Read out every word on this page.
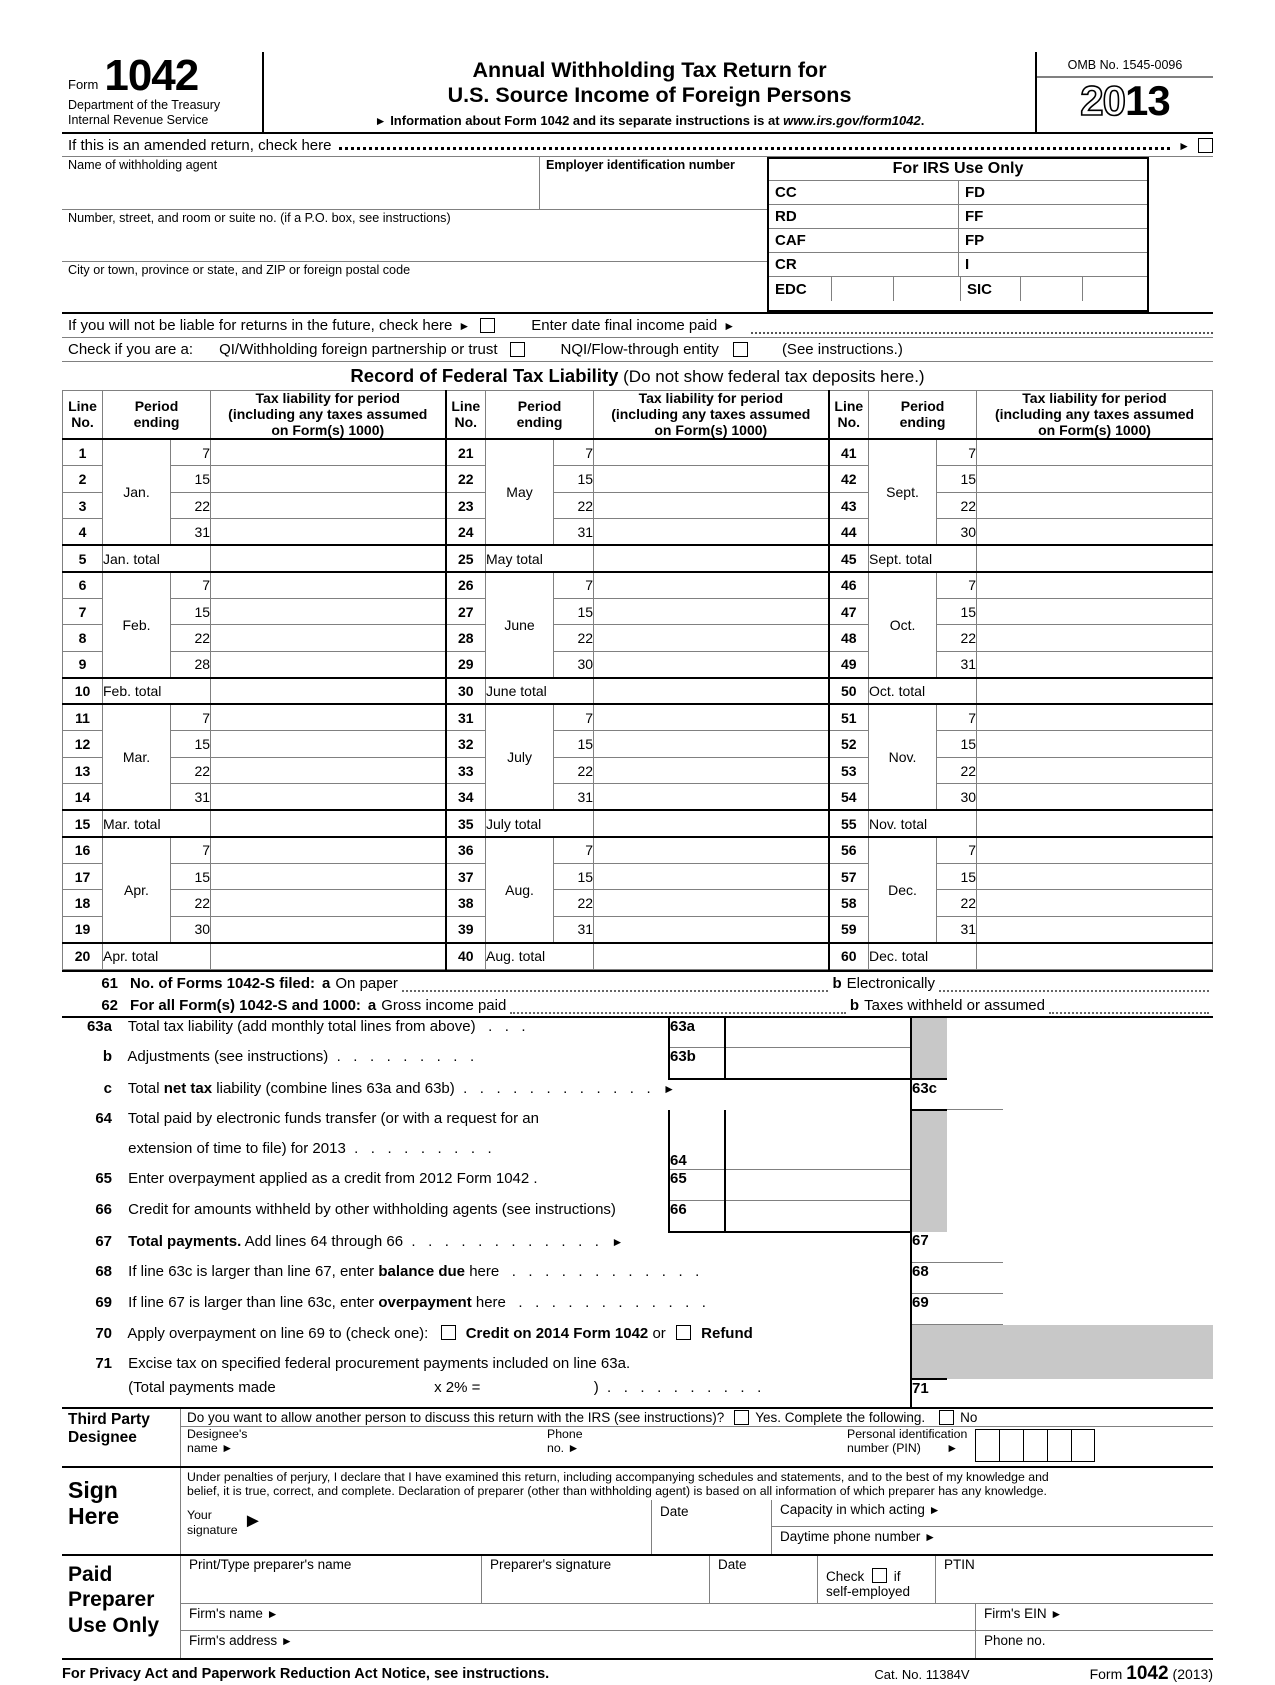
Form 1042
Department of the Treasury
Internal Revenue Service
Annual Withholding Tax Return for
U.S. Source Income of Foreign Persons
► Information about Form 1042 and its separate instructions is at www.irs.gov/form1042.
OMB No. 1545-0096
2013
If this is an amended return, check here	►
Name of withholding agent	Employer identification number
Number, street, and room or suite no. (if a P.O. box, see instructions)
City or town, province or state, and ZIP or foreign postal code
For IRS Use Only
CC	FD
RD	FF
CAF	FP
CR	I
EDC	SIC
If you will not be liable for returns in the future, check here ►	Enter date final income paid ►
Check if you are a: QI/Withholding foreign partnership or trust	NQI/Flow-through entity	(See instructions.)
Record of Federal Tax Liability (Do not show federal tax deposits here.)
Line
No.	Period
ending		Tax liability for period
(including any taxes assumed
on Form(s) 1000)	Line
No.	Period
ending		Tax liability for period
(including any taxes assumed
on Form(s) 1000)	Line
No.	Period
ending		Tax liability for period
(including any taxes assumed
on Form(s) 1000)
1	Jan.	7		21	May	7		41	Sept.	7	
2		15		22		15		42		15	
3		22		23		22		43		22	
4		31		24		31		44		30	
5	Jan. total			25	May total			45	Sept. total		
6	Feb.	7		26	June	7		46	Oct.	7	
7		15		27		15		47		15	
8		22		28		22		48		22	
9		28		29		30		49		31	
10	Feb. total			30	June total			50	Oct. total		
11	Mar.	7		31	July	7		51	Nov.	7	
12		15		32		15		52		15	
13		22		33		22		53		22	
14		31		34		31		54		30	
15	Mar. total			35	July total			55	Nov. total		
16	Apr.	7		36	Aug.	7		56	Dec.	7	
17		15		37		15		57		15	
18		22		38		22		58		22	
19		30		39		31		59		31	
20	Apr. total			40	Aug. total			60	Dec. total		
61 No. of Forms 1042-S filed: a On paper	b Electronically
62 For all Form(s) 1042-S and 1000: a Gross income paid	b Taxes withheld or assumed
63a Total tax liability (add monthly total lines from above)   .   .   .	63a				
b Adjustments (see instructions)  .   .   .   .   .   .   .   .   .	63b				
c Total net tax liability (combine lines 63a and 63b)  .   .   .   .   .   .   .   .   .   .   .   .   ►			63c		
64 Total paid by electronic funds transfer (or with a request for an					
extension of time to file) for 2013  .   .   .   .   .   .   .   .   .	64				
65 Enter overpayment applied as a credit from 2012 Form 1042 .	65				
66 Credit for amounts withheld by other withholding agents (see instructions)	66				
67 Total payments. Add lines 64 through 66  .   .   .   .   .   .   .   .   .   .   .   .   ►			67		
68 If line 63c is larger than line 67, enter balance due here   .   .   .   .   .   .   .   .   .   .   .   .			68		
69 If line 67 is larger than line 63c, enter overpayment here   .   .   .   .   .   .   .   .   .   .   .   .			69		
70 Apply overpayment on line 69 to (check one): Credit on 2014 Form 1042 or Refund					
71 Excise tax on specified federal procurement payments included on line 63a.					
(Total payments made x 2% = )  .   .   .   .   .   .   .   .   .   .			71		
Third Party
Designee
Do you want to allow another person to discuss this return with the IRS (see instructions)? Yes. Complete the following.	No
Designee's
name ►
Phone
no. ►
Personal identification
number (PIN) ►
Sign
Here
Under penalties of perjury, I declare that I have examined this return, including accompanying schedules and statements, and to the best of my knowledge and
belief, it is true, correct, and complete. Declaration of preparer (other than withholding agent) is based on all information of which preparer has any knowledge.
Your
signature ►	Date	Capacity in which acting ►
Daytime phone number ►
Paid
Preparer
Use Only
Print/Type preparer's name	Preparer's signature	Date
Check if
self-employed
PTIN
Firm's name ►	Firm's EIN ►
Firm's address ►	Phone no.
For Privacy Act and Paperwork Reduction Act Notice, see instructions.	Cat. No. 11384V	Form 1042 (2013)
